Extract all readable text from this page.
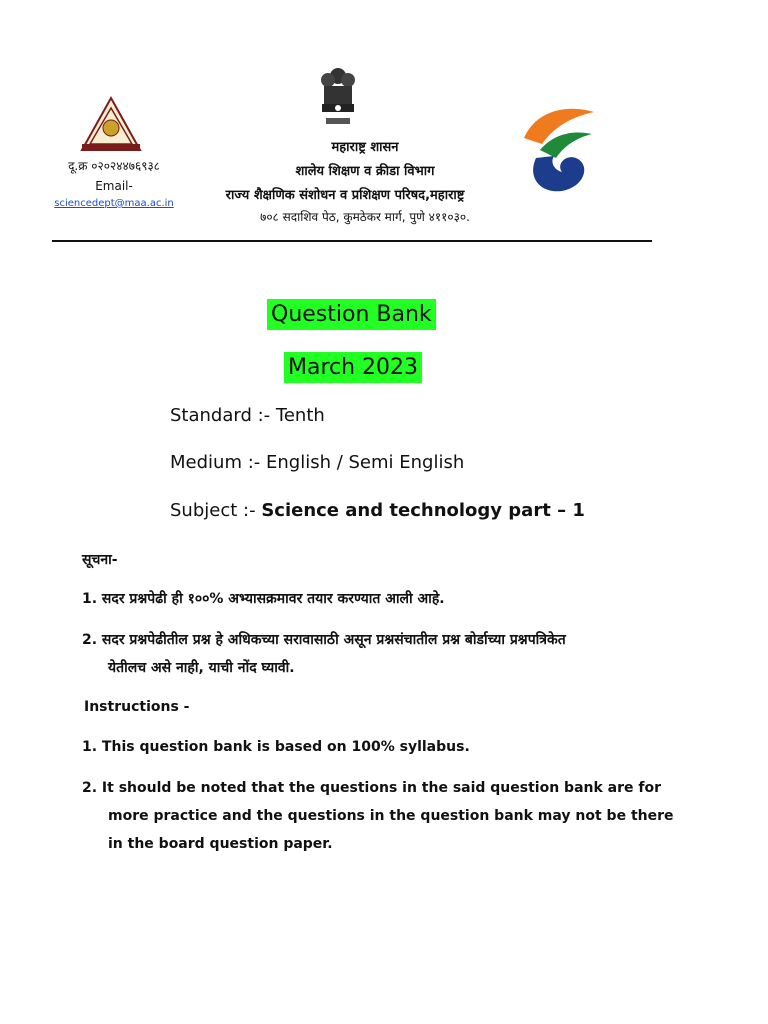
दू.क्र ०२०२४४७६९३८
Email-
sciencedept@maa.ac.in
महाराष्ट्र शासन
शालेय शिक्षण व क्रीडा विभाग
राज्य शैक्षणिक संशोधन व प्रशिक्षण परिषद,महाराष्ट्र
७०८ सदाशिव पेठ, कुमठेकर मार्ग, पुणे ४११०३०.
Question Bank
March 2023
Standard :- Tenth
Medium :- English / Semi English
Subject :- Science and technology part – 1
सूचना-
1. सदर प्रश्नपेढी ही १००% अभ्यासक्रमावर तयार करण्यात आली आहे.
2. सदर प्रश्नपेढीतील प्रश्न हे अधिकच्या सरावासाठी असून प्रश्नसंचातील प्रश्न बोर्डाच्या प्रश्नपत्रिकेत
येतीलच असे नाही, याची नोंद घ्यावी.
Instructions -
1. This question bank is based on 100% syllabus.
2. It should be noted that the questions in the said question bank are for
more practice and the questions in the question bank may not be there
in the board question paper.
